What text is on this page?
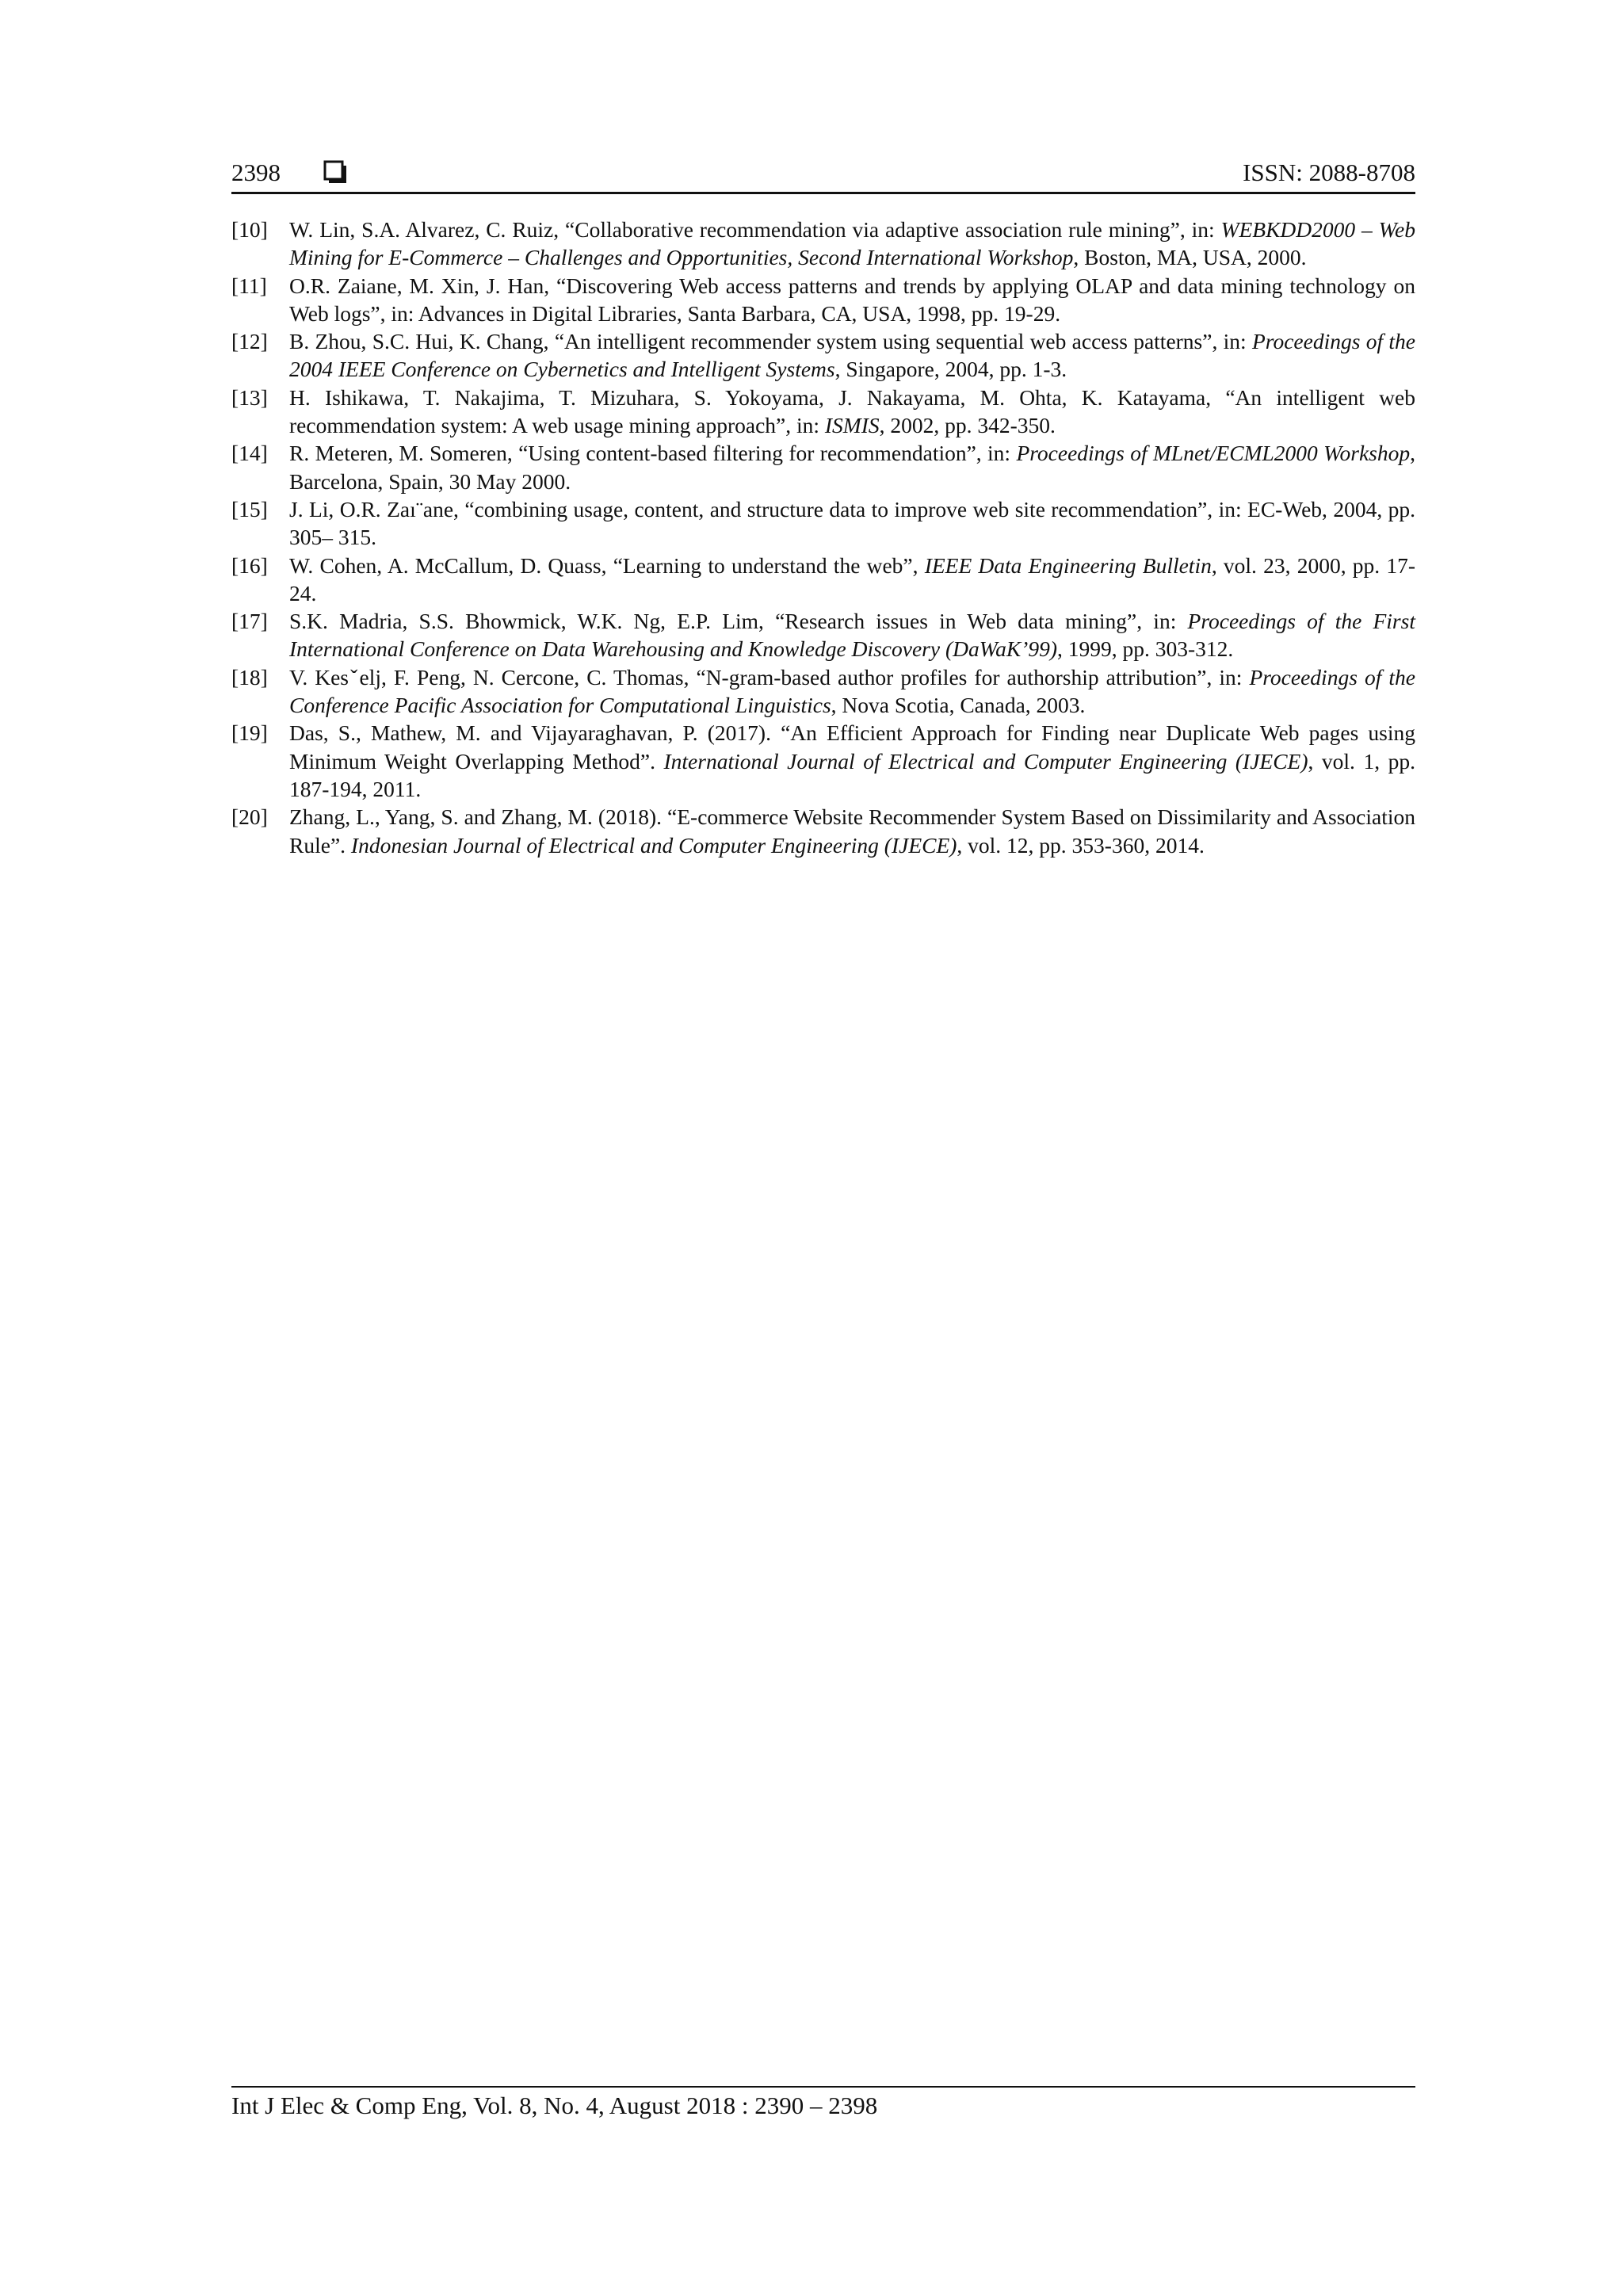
2398	ISSN: 2088-8708
[10] W. Lin, S.A. Alvarez, C. Ruiz, “Collaborative recommendation via adaptive association rule mining”, in: WEBKDD2000 – Web Mining for E-Commerce – Challenges and Opportunities, Second International Workshop, Boston, MA, USA, 2000.
[11] O.R. Zaiane, M. Xin, J. Han, “Discovering Web access patterns and trends by applying OLAP and data mining technology on Web logs”, in: Advances in Digital Libraries, Santa Barbara, CA, USA, 1998, pp. 19-29.
[12] B. Zhou, S.C. Hui, K. Chang, “An intelligent recommender system using sequential web access patterns”, in: Proceedings of the 2004 IEEE Conference on Cybernetics and Intelligent Systems, Singapore, 2004, pp. 1-3.
[13] H. Ishikawa, T. Nakajima, T. Mizuhara, S. Yokoyama, J. Nakayama, M. Ohta, K. Katayama, “An intelligent web recommendation system: A web usage mining approach”, in: ISMIS, 2002, pp. 342-350.
[14] R. Meteren, M. Someren, “Using content-based filtering for recommendation”, in: Proceedings of MLnet/ECML2000 Workshop, Barcelona, Spain, 30 May 2000.
[15] J. Li, O.R. Zaı¨ane, “combining usage, content, and structure data to improve web site recommendation”, in: EC-Web, 2004, pp. 305– 315.
[16] W. Cohen, A. McCallum, D. Quass, “Learning to understand the web”, IEEE Data Engineering Bulletin, vol. 23, 2000, pp. 17-24.
[17] S.K. Madria, S.S. Bhowmick, W.K. Ng, E.P. Lim, “Research issues in Web data mining”, in: Proceedings of the First International Conference on Data Warehousing and Knowledge Discovery (DaWaK’99), 1999, pp. 303-312.
[18] V. Kesˇelj, F. Peng, N. Cercone, C. Thomas, “N-gram-based author profiles for authorship attribution”, in: Proceedings of the Conference Pacific Association for Computational Linguistics, Nova Scotia, Canada, 2003.
[19] Das, S., Mathew, M. and Vijayaraghavan, P. (2017). “An Efficient Approach for Finding near Duplicate Web pages using Minimum Weight Overlapping Method”. International Journal of Electrical and Computer Engineering (IJECE), vol. 1, pp. 187-194, 2011.
[20] Zhang, L., Yang, S. and Zhang, M. (2018). “E-commerce Website Recommender System Based on Dissimilarity and Association Rule”. Indonesian Journal of Electrical and Computer Engineering (IJECE), vol. 12, pp. 353-360, 2014.
Int J Elec & Comp Eng, Vol. 8, No. 4, August 2018 : 2390 – 2398
